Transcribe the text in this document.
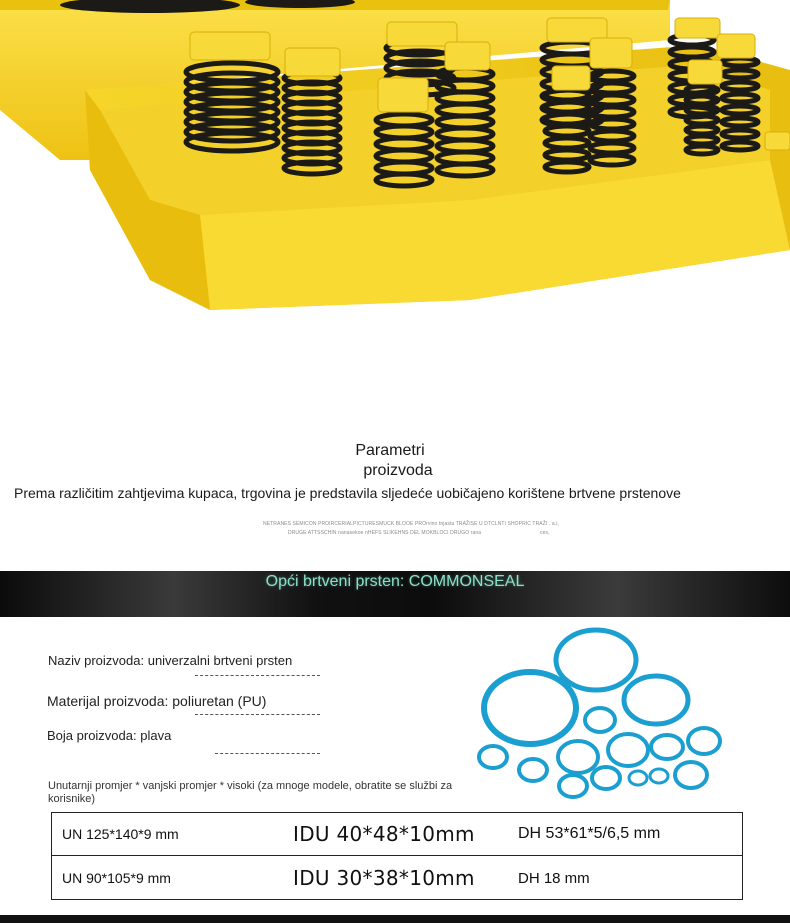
Parametri
proizvoda
Prema različitim zahtjevima kupaca, trgovina je predstavila sljedeće uobičajeno korištene brtvene prstenove
NETRANES SEMICON PROIRCERIALPICTURESMUCK BLOOE PROrvino tnjastu TRAŽISE U DTCLNTI SHOPRIC TRAŽI . a.i,
DRUGE ATTSSCHIN nanasekoe nHEFS SLIKEHNS DEL MOKBLOCI DRUGO rana	ces,
Opći brtveni prsten: COMMONSEAL
Naziv proizvoda: univerzalni brtveni prsten
Materijal proizvoda: poliuretan (PU)
Boja proizvoda: plava
Unutarnji promjer * vanjski promjer * visoki (za mnoge modele, obratite se službi za korisnike)
UN 125*140*9 mm	IDU 40*48*10mm	DH 53*61*5/6,5 mm
UN 90*105*9 mm	IDU 30*38*10mm	DH 18 mm
